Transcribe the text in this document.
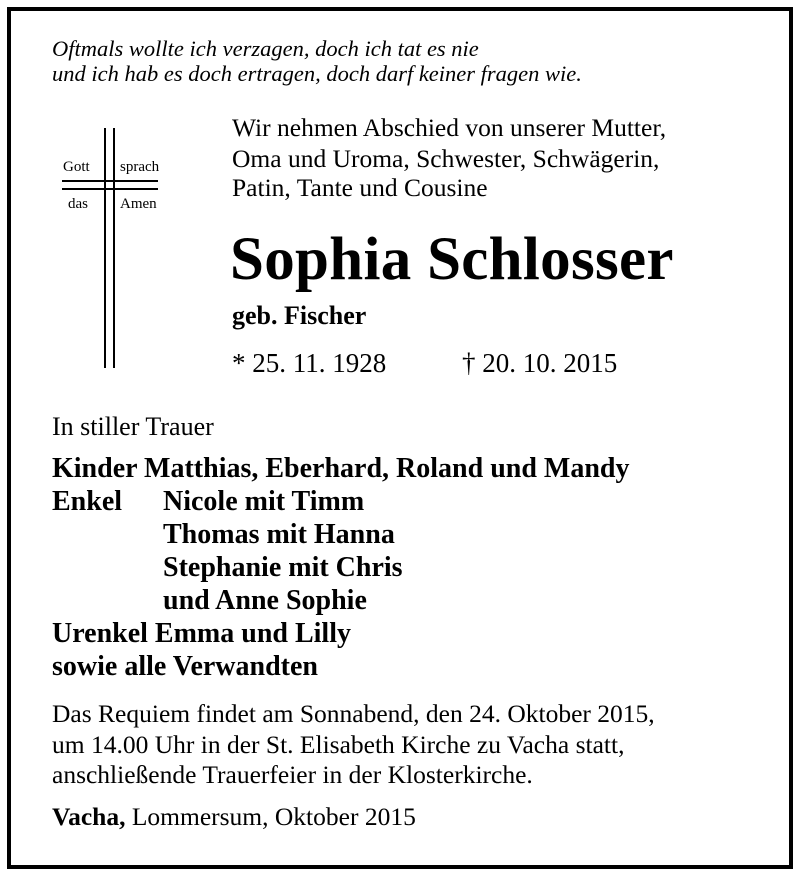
Oftmals wollte ich verzagen, doch ich tat es nie
und ich hab es doch ertragen, doch darf keiner fragen wie.
Gott sprach
das Amen
Wir nehmen Abschied von unserer Mutter,
Oma und Uroma, Schwester, Schwägerin,
Patin, Tante und Cousine
Sophia Schlosser
geb. Fischer
* 25. 11. 1928	† 20. 10. 2015
In stiller Trauer
Kinder Matthias, Eberhard, Roland und Mandy
Enkel Nicole mit Timm
Thomas mit Hanna
Stephanie mit Chris
und Anne Sophie
Urenkel Emma und Lilly
sowie alle Verwandten
Das Requiem findet am Sonnabend, den 24. Oktober 2015,
um 14.00 Uhr in der St. Elisabeth Kirche zu Vacha statt,
anschließende Trauerfeier in der Klosterkirche.
Vacha, Lommersum, Oktober 2015
